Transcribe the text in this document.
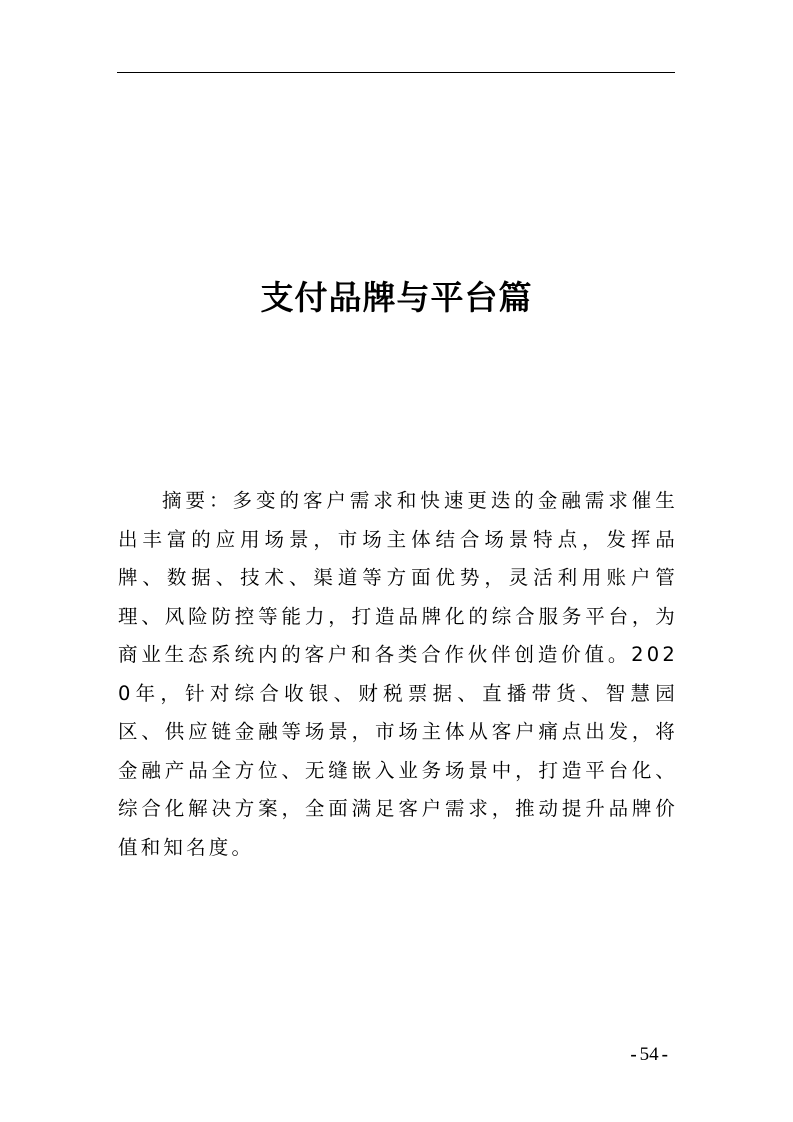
支付品牌与平台篇

摘要：多变的客户需求和快速更迭的金融需求催生出丰富的应用场景，市场主体结合场景特点，发挥品牌、数据、技术、渠道等方面优势，灵活利用账户管理、风险防控等能力，打造品牌化的综合服务平台，为商业生态系统内的客户和各类合作伙伴创造价值。2020年，针对综合收银、财税票据、直播带货、智慧园区、供应链金融等场景，市场主体从客户痛点出发，将金融产品全方位、无缝嵌入业务场景中，打造平台化、综合化解决方案，全面满足客户需求，推动提升品牌价值和知名度。

- 54 -
